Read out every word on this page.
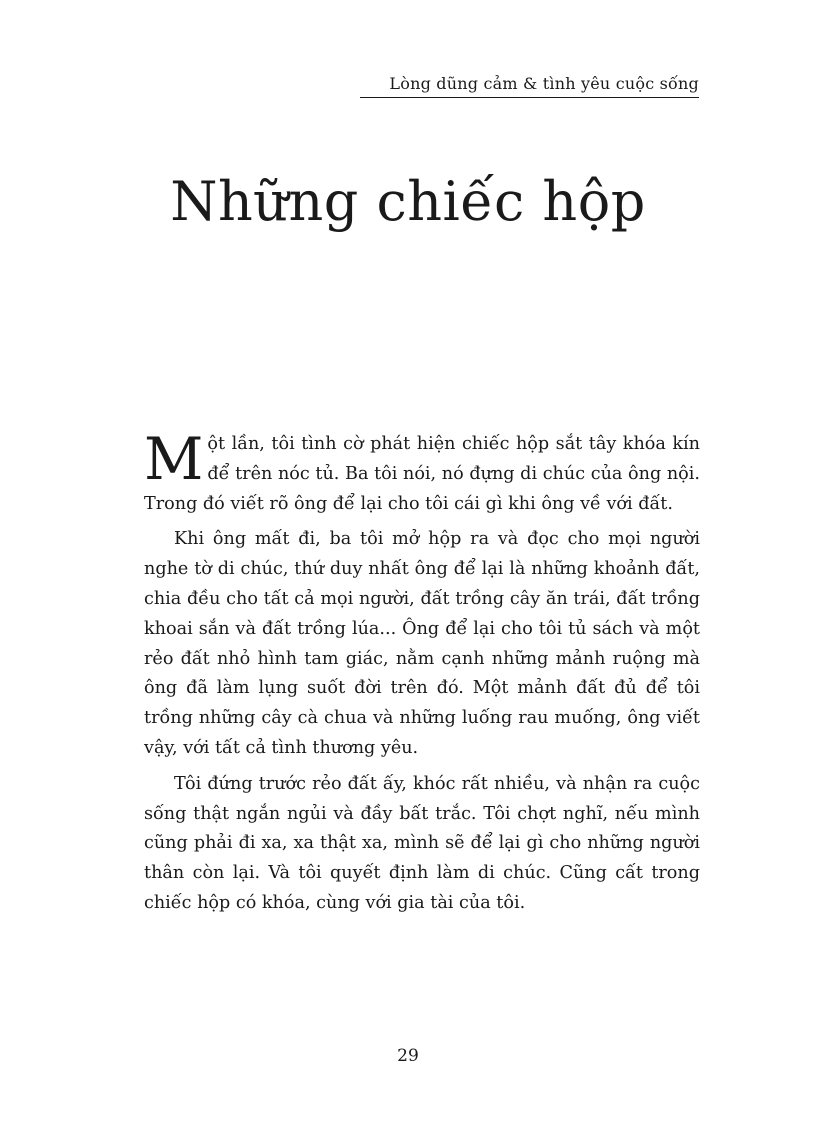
Lòng dũng cảm & tình yêu cuộc sống
Những chiếc hộp

Một lần, tôi tình cờ phát hiện chiếc hộp sắt tây khóa kín để trên nóc tủ. Ba tôi nói, nó đựng di chúc của ông nội. Trong đó viết rõ ông để lại cho tôi cái gì khi ông về với đất.

Khi ông mất đi, ba tôi mở hộp ra và đọc cho mọi người nghe tờ di chúc, thứ duy nhất ông để lại là những khoảnh đất, chia đều cho tất cả mọi người, đất trồng cây ăn trái, đất trồng khoai sắn và đất trồng lúa... Ông để lại cho tôi tủ sách và một rẻo đất nhỏ hình tam giác, nằm cạnh những mảnh ruộng mà ông đã làm lụng suốt đời trên đó. Một mảnh đất đủ để tôi trồng những cây cà chua và những luống rau muống, ông viết vậy, với tất cả tình thương yêu.

Tôi đứng trước rẻo đất ấy, khóc rất nhiều, và nhận ra cuộc sống thật ngắn ngủi và đầy bất trắc. Tôi chợt nghĩ, nếu mình cũng phải đi xa, xa thật xa, mình sẽ để lại gì cho những người thân còn lại. Và tôi quyết định làm di chúc. Cũng cất trong chiếc hộp có khóa, cùng với gia tài của tôi.

29
